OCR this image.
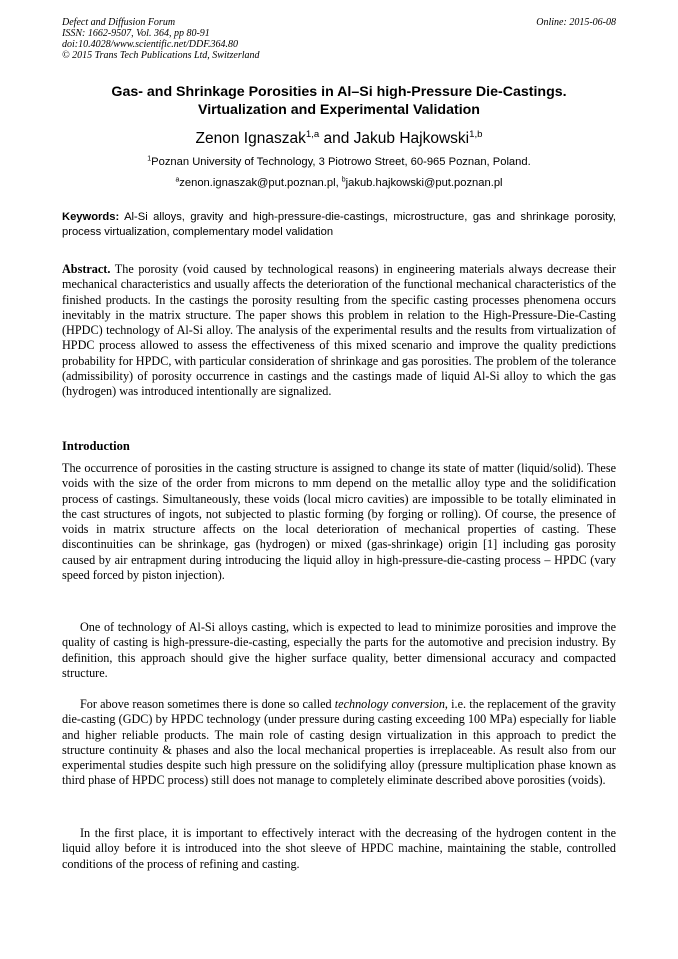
Defect and Diffusion Forum
ISSN: 1662-9507, Vol. 364, pp 80-91
doi:10.4028/www.scientific.net/DDF.364.80
© 2015 Trans Tech Publications Ltd, Switzerland
Online: 2015-06-08
Gas- and Shrinkage Porosities in Al–Si high-Pressure Die-Castings.
Virtualization and Experimental Validation
Zenon Ignaszak$^{1,a}$ and Jakub Hajkowski$^{1,b}$
$^1$Poznan University of Technology, 3 Piotrowo Street, 60-965 Poznan, Poland.
$^a$zenon.ignaszak@put.poznan.pl, $^b$jakub.hajkowski@put.poznan.pl
Keywords: Al-Si alloys, gravity and high-pressure-die-castings, microstructure, gas and shrinkage porosity, process virtualization, complementary model validation
Abstract. The porosity (void caused by technological reasons) in engineering materials always decrease their mechanical characteristics and usually affects the deterioration of the functional mechanical characteristics of the finished products. In the castings the porosity resulting from the specific casting processes phenomena occurs inevitably in the matrix structure. The paper shows this problem in relation to the High-Pressure-Die-Casting (HPDC) technology of Al-Si alloy. The analysis of the experimental results and the results from virtualization of HPDC process allowed to assess the effectiveness of this mixed scenario and improve the quality predictions probability for HPDC, with particular consideration of shrinkage and gas porosities. The problem of the tolerance (admissibility) of porosity occurrence in castings and the castings made of liquid Al-Si alloy to which the gas (hydrogen) was introduced intentionally are signalized.
Introduction
The occurrence of porosities in the casting structure is assigned to change its state of matter (liquid/solid). These voids with the size of the order from microns to mm depend on the metallic alloy type and the solidification process of castings. Simultaneously, these voids (local micro cavities) are impossible to be totally eliminated in the cast structures of ingots, not subjected to plastic forming (by forging or rolling). Of course, the presence of voids in matrix structure affects on the local deterioration of mechanical properties of casting. These discontinuities can be shrinkage, gas (hydrogen) or mixed (gas-shrinkage) origin [1] including gas porosity caused by air entrapment during introducing the liquid alloy in high-pressure-die-casting process – HPDC (vary speed forced by piston injection).
One of technology of Al-Si alloys casting, which is expected to lead to minimize porosities and improve the quality of casting is high-pressure-die-casting, especially the parts for the automotive and precision industry. By definition, this approach should give the higher surface quality, better dimensional accuracy and compacted structure.
For above reason sometimes there is done so called technology conversion, i.e. the replacement of the gravity die-casting (GDC) by HPDC technology (under pressure during casting exceeding 100 MPa) especially for liable and higher reliable products. The main role of casting design virtualization in this approach to predict the structure continuity & phases and also the local mechanical properties is irreplaceable. As result also from our experimental studies despite such high pressure on the solidifying alloy (pressure multiplication phase known as third phase of HPDC process) still does not manage to completely eliminate described above porosities (voids).
In the first place, it is important to effectively interact with the decreasing of the hydrogen content in the liquid alloy before it is introduced into the shot sleeve of HPDC machine, maintaining the stable, controlled conditions of the process of refining and casting.
